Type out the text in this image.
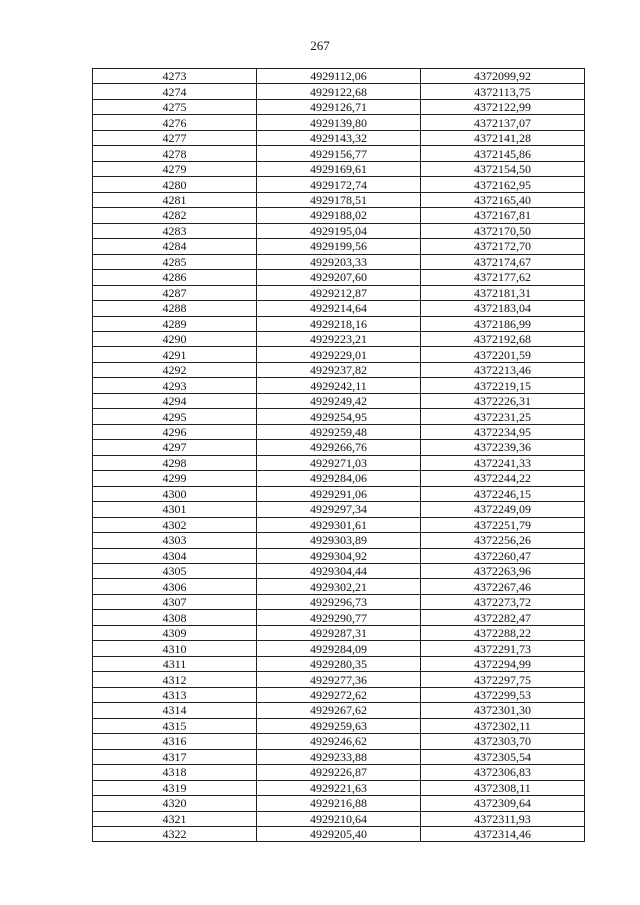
267
4273	4929112,06	4372099,92
4274	4929122,68	4372113,75
4275	4929126,71	4372122,99
4276	4929139,80	4372137,07
4277	4929143,32	4372141,28
4278	4929156,77	4372145,86
4279	4929169,61	4372154,50
4280	4929172,74	4372162,95
4281	4929178,51	4372165,40
4282	4929188,02	4372167,81
4283	4929195,04	4372170,50
4284	4929199,56	4372172,70
4285	4929203,33	4372174,67
4286	4929207,60	4372177,62
4287	4929212,87	4372181,31
4288	4929214,64	4372183,04
4289	4929218,16	4372186,99
4290	4929223,21	4372192,68
4291	4929229,01	4372201,59
4292	4929237,82	4372213,46
4293	4929242,11	4372219,15
4294	4929249,42	4372226,31
4295	4929254,95	4372231,25
4296	4929259,48	4372234,95
4297	4929266,76	4372239,36
4298	4929271,03	4372241,33
4299	4929284,06	4372244,22
4300	4929291,06	4372246,15
4301	4929297,34	4372249,09
4302	4929301,61	4372251,79
4303	4929303,89	4372256,26
4304	4929304,92	4372260,47
4305	4929304,44	4372263,96
4306	4929302,21	4372267,46
4307	4929296,73	4372273,72
4308	4929290,77	4372282,47
4309	4929287,31	4372288,22
4310	4929284,09	4372291,73
4311	4929280,35	4372294,99
4312	4929277,36	4372297,75
4313	4929272,62	4372299,53
4314	4929267,62	4372301,30
4315	4929259,63	4372302,11
4316	4929246,62	4372303,70
4317	4929233,88	4372305,54
4318	4929226,87	4372306,83
4319	4929221,63	4372308,11
4320	4929216,88	4372309,64
4321	4929210,64	4372311,93
4322	4929205,40	4372314,46
